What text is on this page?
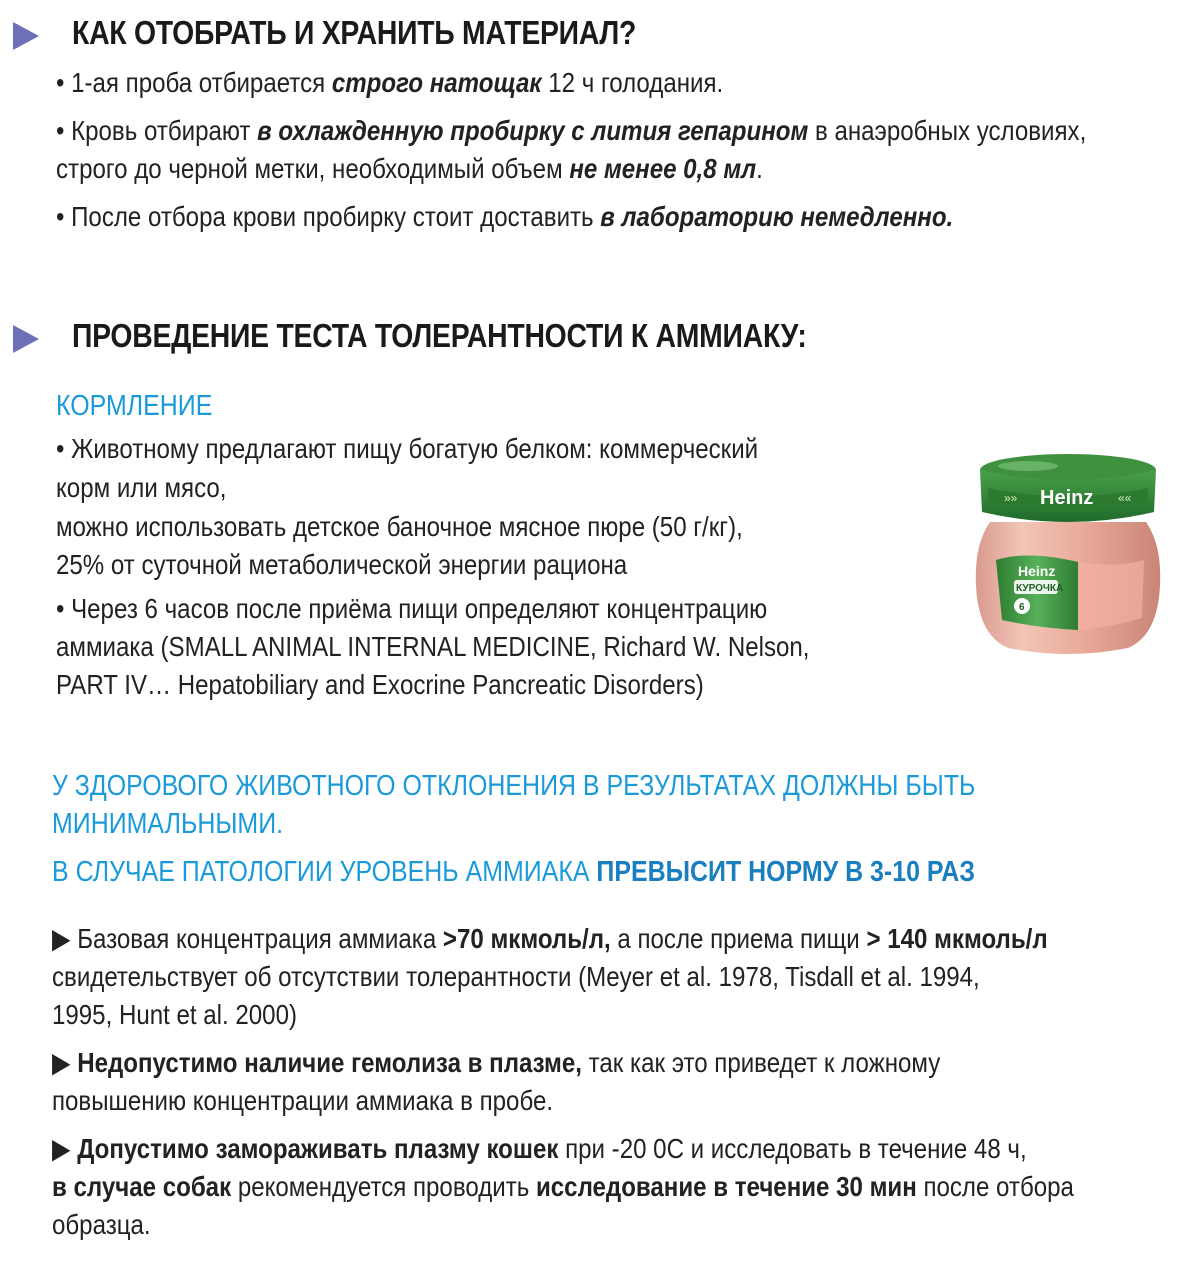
КАК ОТОБРАТЬ И ХРАНИТЬ МАТЕРИАЛ?
• 1-ая проба отбирается строго натощак 12 ч голодания.
• Кровь отбирают в охлажденную пробирку с лития гепарином в анаэробных условиях,
строго до черной метки, необходимый объем не менее 0,8 мл.
• После отбора крови пробирку стоит доставить в лабораторию немедленно.
ПРОВЕДЕНИЕ ТЕСТА ТОЛЕРАНТНОСТИ К АММИАКУ:
КОРМЛЕНИЕ
• Животному предлагают пищу богатую белком: коммерческий
корм или мясо,
можно использовать детское баночное мясное пюре (50 г/кг),
25% от суточной метаболической энергии рациона
• Через 6 часов после приёма пищи определяют концентрацию
аммиака (SMALL ANIMAL INTERNAL MEDICINE, Richard W. Nelson,
PART IV… Hepatobiliary and Exocrine Pancreatic Disorders)
Heinz
КУРОЧКА
6
Heinz
»»	««
У ЗДОРОВОГО ЖИВОТНОГО ОТКЛОНЕНИЯ В РЕЗУЛЬТАТАХ ДОЛЖНЫ БЫТЬ
МИНИМАЛЬНЫМИ.
В СЛУЧАЕ ПАТОЛОГИИ УРОВЕНЬ АММИАКА ПРЕВЫСИТ НОРМУ В 3-10 РАЗ
▶ Базовая концентрация аммиака >70 мкмоль/л, а после приема пищи > 140 мкмоль/л
свидетельствует об отсутствии толерантности (Meyer et al. 1978, Tisdall et al. 1994,
1995, Hunt et al. 2000)
▶ Недопустимо наличие гемолиза в плазме, так как это приведет к ложному
повышению концентрации аммиака в пробе.
▶ Допустимо замораживать плазму кошек при -20 0С и исследовать в течение 48 ч,
в случае собак рекомендуется проводить исследование в течение 30 мин после отбора
образца.
